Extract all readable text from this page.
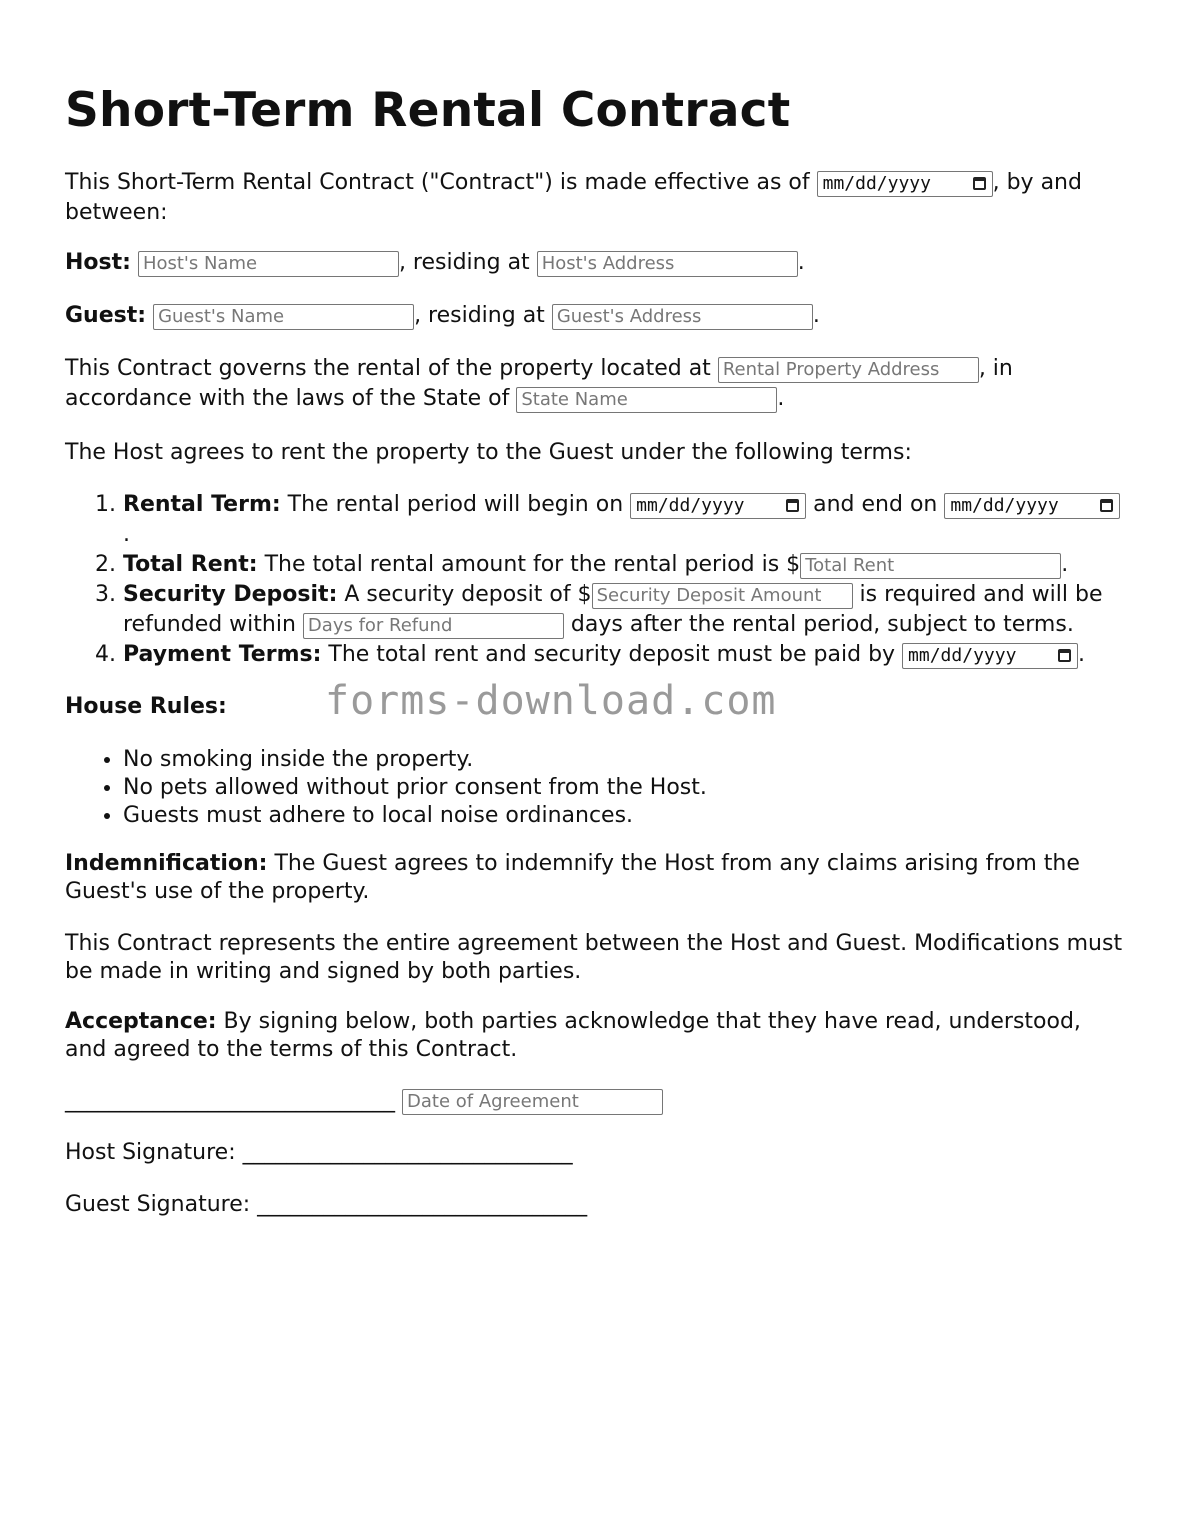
Short-Term Rental Contract

This Short-Term Rental Contract ("Contract") is made effective as of mm/dd/yyyy	, by and between:

Host: Host's Name	, residing at Host's Address	.

Guest: Guest's Name	, residing at Guest's Address	.

This Contract governs the rental of the property located at Rental Property Address	, in accordance with the laws of the State of State Name	.

The Host agrees to rent the property to the Guest under the following terms:

1. Rental Term: The rental period will begin on mm/dd/yyyy	and end on mm/dd/yyyy
.
2. Total Rent: The total rental amount for the rental period is $Total Rent	.
3. Security Deposit: A security deposit of $Security Deposit Amount	is required and will be refunded within Days for Refund	days after the rental period, subject to terms.
4. Payment Terms: The total rent and security deposit must be paid by mm/dd/yyyy	.

House Rules: forms-download.com

• No smoking inside the property.
• No pets allowed without prior consent from the Host.
• Guests must adhere to local noise ordinances.

Indemnification: The Guest agrees to indemnify the Host from any claims arising from the Guest's use of the property.

This Contract represents the entire agreement between the Host and Guest. Modifications must be made in writing and signed by both parties.

Acceptance: By signing below, both parties acknowledge that they have read, understood, and agreed to the terms of this Contract.

______________________________ Date of Agreement

Host Signature: ______________________________

Guest Signature: ______________________________
